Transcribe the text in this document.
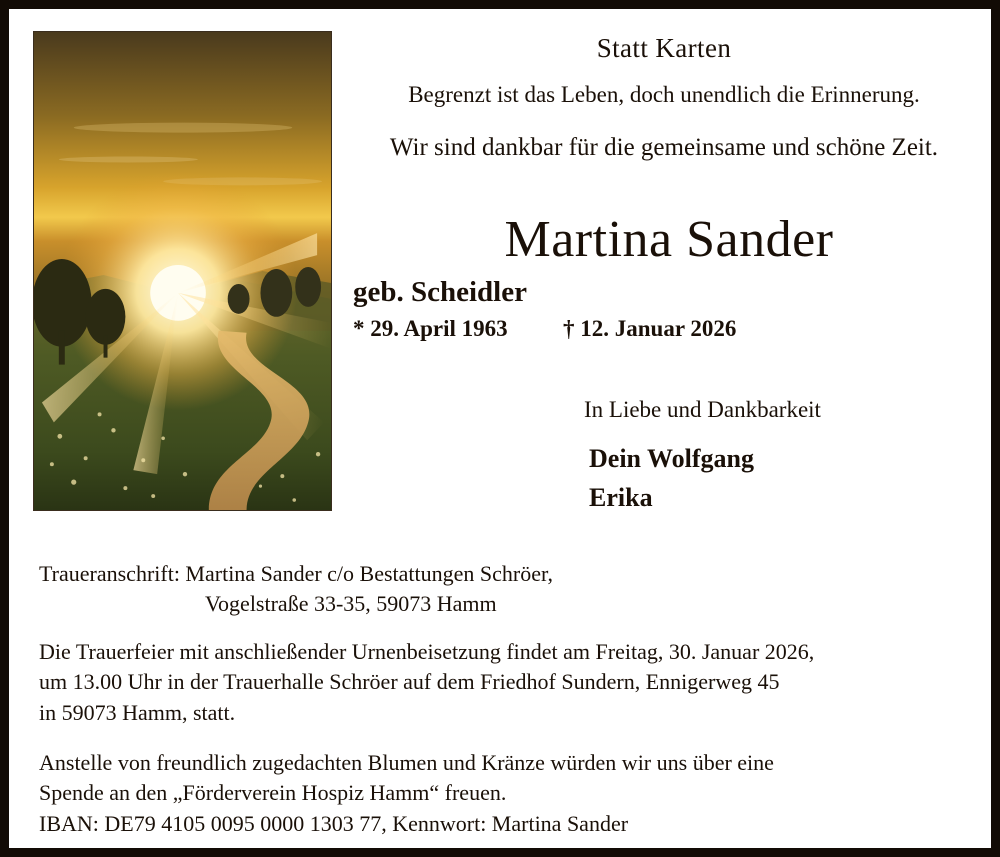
Statt Karten
Begrenzt ist das Leben, doch unendlich die Erinnerung.
Wir sind dankbar für die gemeinsame und schöne Zeit.
Martina Sander
geb. Scheidler
* 29. April 1963 † 12. Januar 2026
In Liebe und Dankbarkeit
Dein Wolfgang
Erika
Traueranschrift: Martina Sander c/o Bestattungen Schröer,
Vogelstraße 33-35, 59073 Hamm
Die Trauerfeier mit anschließender Urnenbeisetzung findet am Freitag, 30. Januar 2026,
um 13.00 Uhr in der Trauerhalle Schröer auf dem Friedhof Sundern, Ennigerweg 45
in 59073 Hamm, statt.
Anstelle von freundlich zugedachten Blumen und Kränze würden wir uns über eine
Spende an den „Förderverein Hospiz Hamm“ freuen.
IBAN: DE79 4105 0095 0000 1303 77, Kennwort: Martina Sander
